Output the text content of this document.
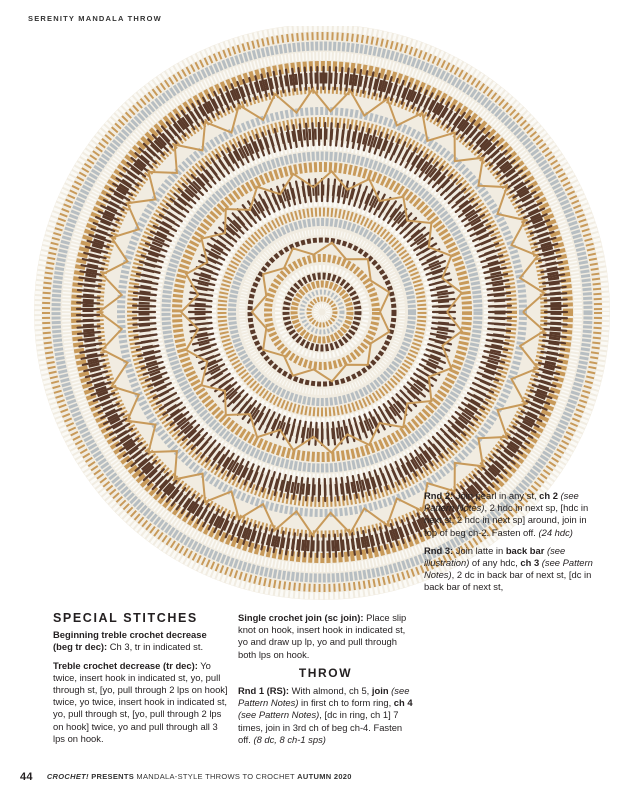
SERENITY MANDALA THROW
SPECIAL STITCHES

Beginning treble crochet decrease (beg tr dec): Ch 3, tr in indicated st.

Treble crochet decrease (tr dec): Yo twice, insert hook in indicated st, yo, pull through st, [yo, pull through 2 lps on hook] twice, yo twice, insert hook in indicated st, yo, pull through st, [yo, pull through 2 lps on hook] twice, yo and pull through all 3 lps on hook.

Single crochet join (sc join): Place slip knot on hook, insert hook in indicated st, yo and draw up lp, yo and pull through both lps on hook.

THROW

Rnd 1 (RS): With almond, ch 5, join (see Pattern Notes) in first ch to form ring, ch 4 (see Pattern Notes), [dc in ring, ch 1] 7 times, join in 3rd ch of beg ch-4. Fasten off. (8 dc, 8 ch-1 sps)

Rnd 2: Join pearl in any st, ch 2 (see Pattern Notes), 2 hdc in next sp, [hdc in next st, 2 hdc in next sp] around, join in top of beg ch-2. Fasten off. (24 hdc)

Rnd 3: Join latte in back bar (see illustration) of any hdc, ch 3 (see Pattern Notes), 2 dc in back bar of next st, [dc in back bar of next st,

44 CROCHET! PRESENTS MANDALA-STYLE THROWS TO CROCHET AUTUMN 2020
